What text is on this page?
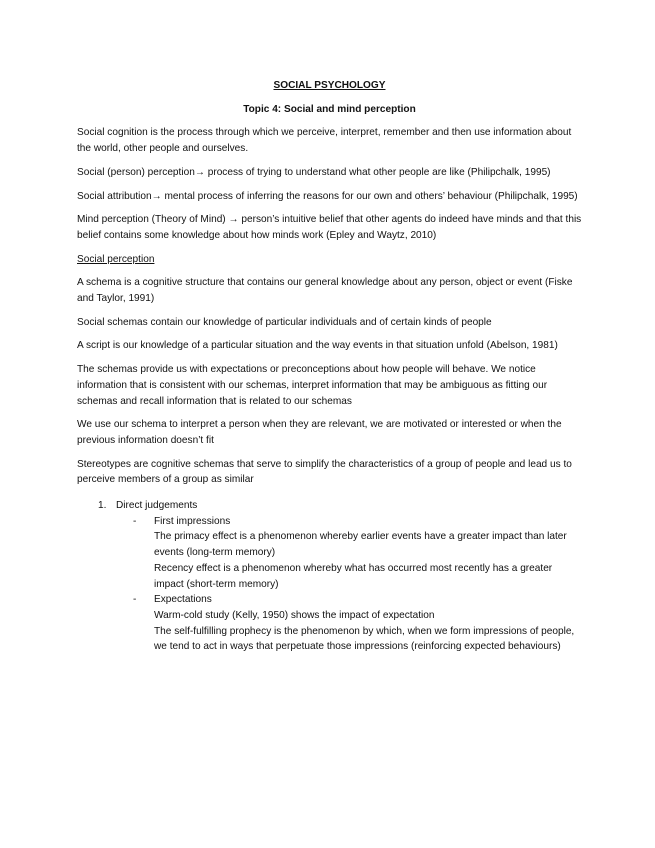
SOCIAL PSYCHOLOGY

Topic 4: Social and mind perception

Social cognition is the process through which we perceive, interpret, remember and then use information about the world, other people and ourselves.

Social (person) perception→ process of trying to understand what other people are like (Philipchalk, 1995)

Social attribution→ mental process of inferring the reasons for our own and others’ behaviour (Philipchalk, 1995)

Mind perception (Theory of Mind) → person’s intuitive belief that other agents do indeed have minds and that this belief contains some knowledge about how minds work (Epley and Waytz, 2010)

Social perception

A schema is a cognitive structure that contains our general knowledge about any person, object or event (Fiske and Taylor, 1991)

Social schemas contain our knowledge of particular individuals and of certain kinds of people

A script is our knowledge of a particular situation and the way events in that situation unfold (Abelson, 1981)

The schemas provide us with expectations or preconceptions about how people will behave. We notice information that is consistent with our schemas, interpret information that may be ambiguous as fitting our schemas and recall information that is related to our schemas

We use our schema to interpret a person when they are relevant, we are motivated or interested or when the previous information doesn’t fit

Stereotypes are cognitive schemas that serve to simplify the characteristics of a group of people and lead us to perceive members of a group as similar

1. Direct judgements
- First impressions

The primacy effect is a phenomenon whereby earlier events have a greater impact than later events (long-term memory)

Recency effect is a phenomenon whereby what has occurred most recently has a greater impact (short-term memory)

- Expectations

Warm-cold study (Kelly, 1950) shows the impact of expectation

The self-fulfilling prophecy is the phenomenon by which, when we form impressions of people, we tend to act in ways that perpetuate those impressions (reinforcing expected behaviours)
